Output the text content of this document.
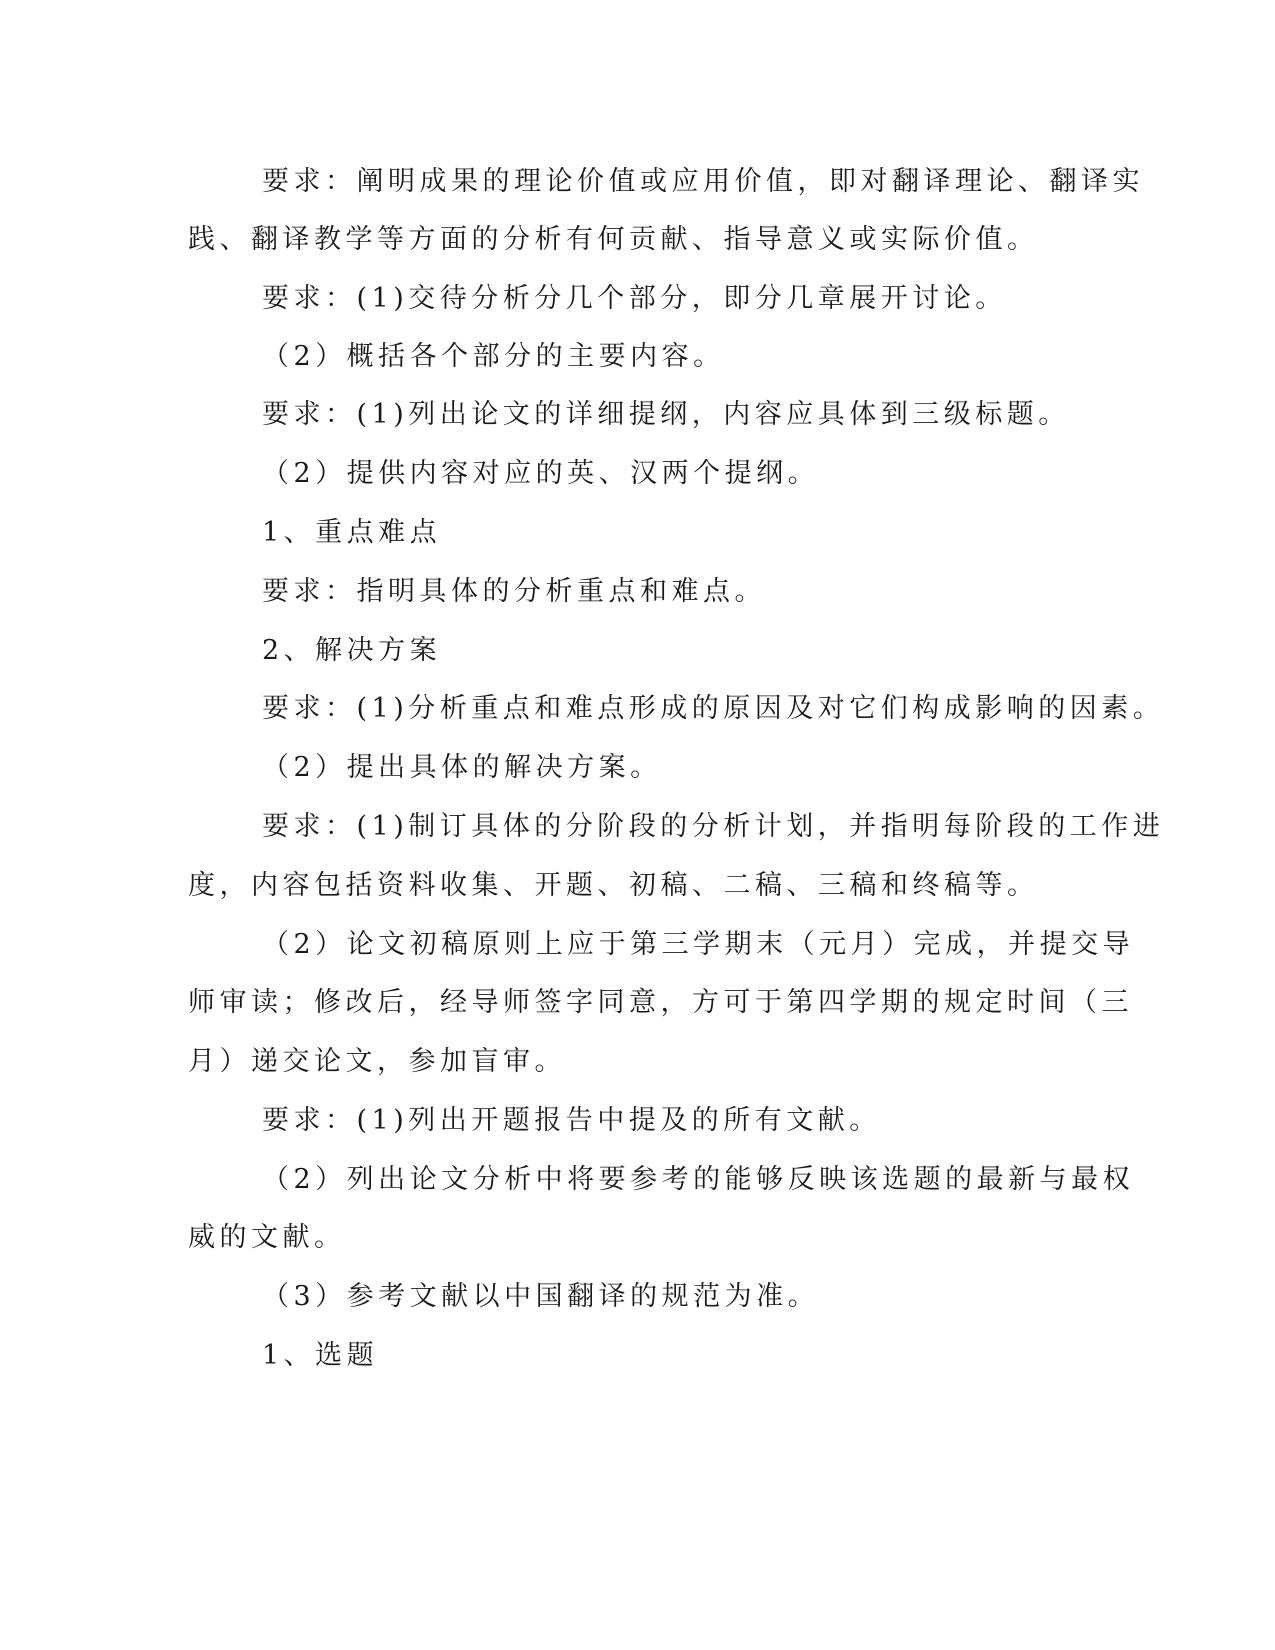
要求：阐明成果的理论价值或应用价值，即对翻译理论、翻译实
践、翻译教学等方面的分析有何贡献、指导意义或实际价值。
要求：(1)交待分析分几个部分，即分几章展开讨论。
（2）概括各个部分的主要内容。
要求：(1)列出论文的详细提纲，内容应具体到三级标题。
（2）提供内容对应的英、汉两个提纲。
1、重点难点
要求：指明具体的分析重点和难点。
2、解决方案
要求：(1)分析重点和难点形成的原因及对它们构成影响的因素。
（2）提出具体的解决方案。
要求：(1)制订具体的分阶段的分析计划，并指明每阶段的工作进
度，内容包括资料收集、开题、初稿、二稿、三稿和终稿等。
（2）论文初稿原则上应于第三学期末（元月）完成，并提交导
师审读；修改后，经导师签字同意，方可于第四学期的规定时间（三
月）递交论文，参加盲审。
要求：(1)列出开题报告中提及的所有文献。
（2）列出论文分析中将要参考的能够反映该选题的最新与最权
威的文献。
（3）参考文献以中国翻译的规范为准。
1、选题
